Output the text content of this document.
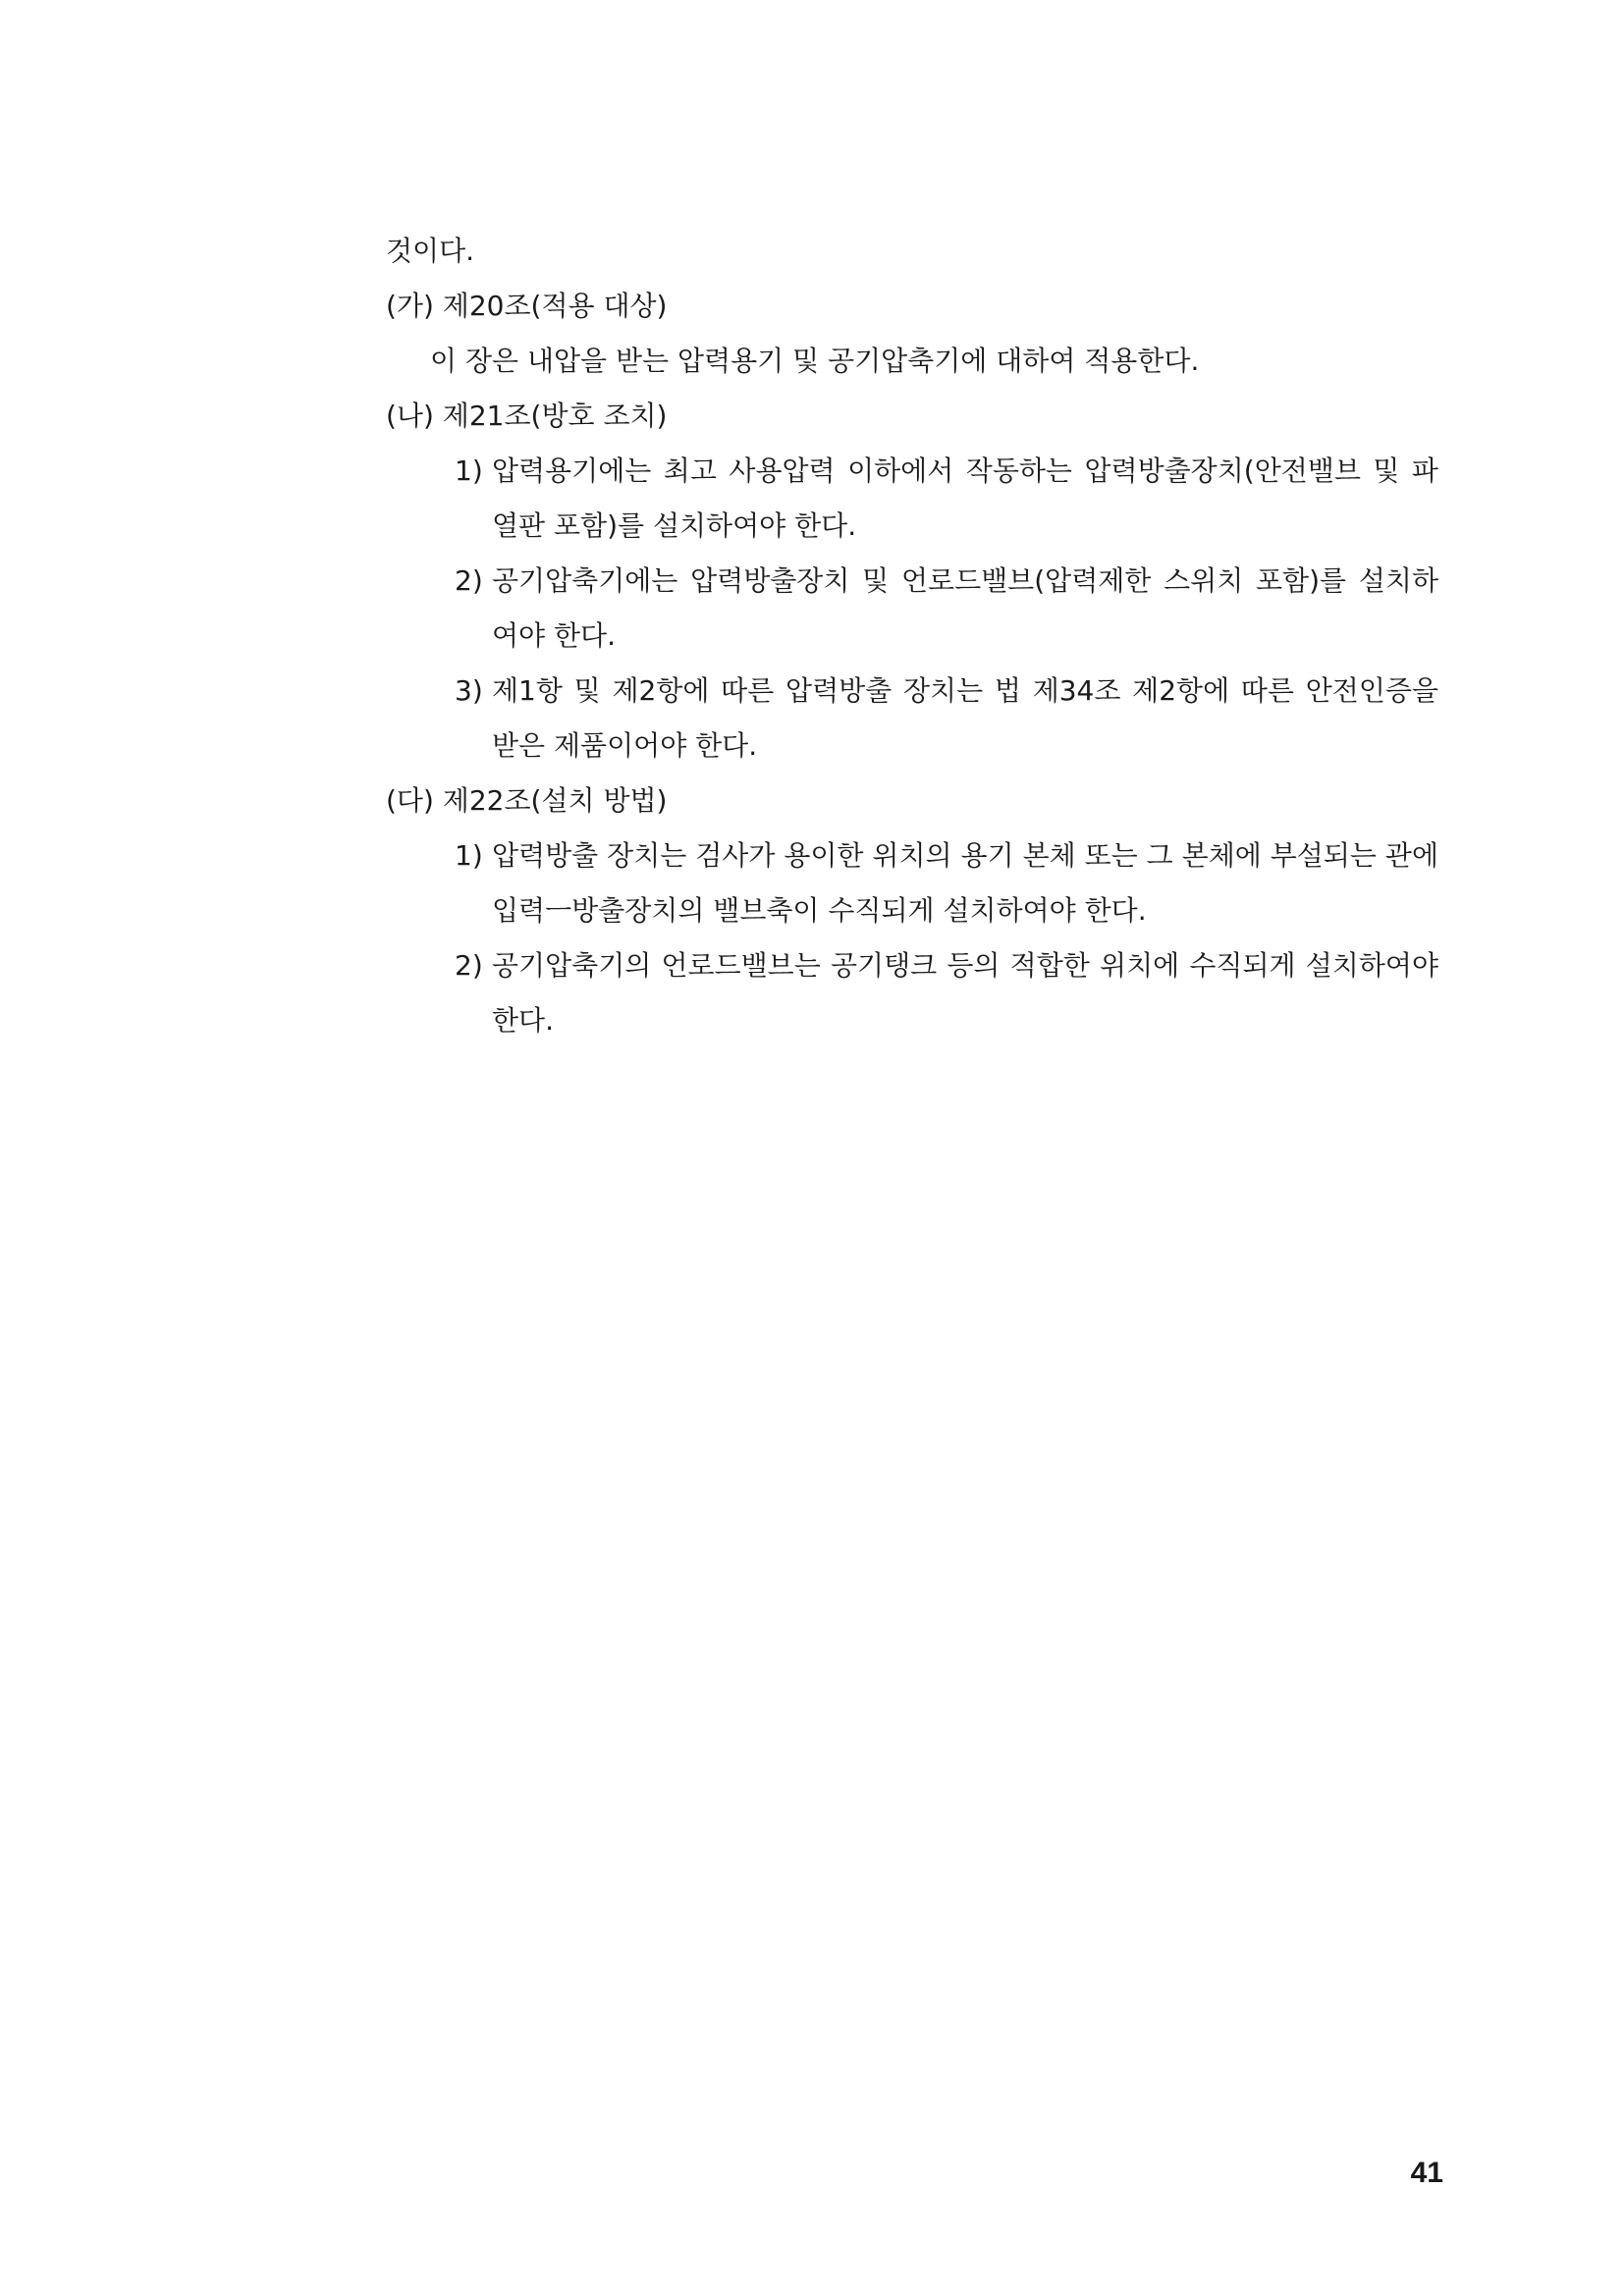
것이다.
(가) 제20조(적용 대상)
이 장은 내압을 받는 압력용기 및 공기압축기에 대하여 적용한다.
(나) 제21조(방호 조치)
1) 압력용기에는 최고 사용압력 이하에서 작동하는 압력방출장치(안전밸브 및 파열판 포함)를 설치하여야 한다.
2) 공기압축기에는 압력방출장치 및 언로드밸브(압력제한 스위치 포함)를 설치하여야 한다.
3) 제1항 및 제2항에 따른 압력방출 장치는 법 제34조 제2항에 따른 안전인증을 받은 제품이어야 한다.
(다) 제22조(설치 방법)
1) 압력방출 장치는 검사가 용이한 위치의 용기 본체 또는 그 본체에 부설되는 관에 입력ㅡ방출장치의 밸브축이 수직되게 설치하여야 한다.
2) 공기압축기의 언로드밸브는 공기탱크 등의 적합한 위치에 수직되게 설치하여야 한다.
41
